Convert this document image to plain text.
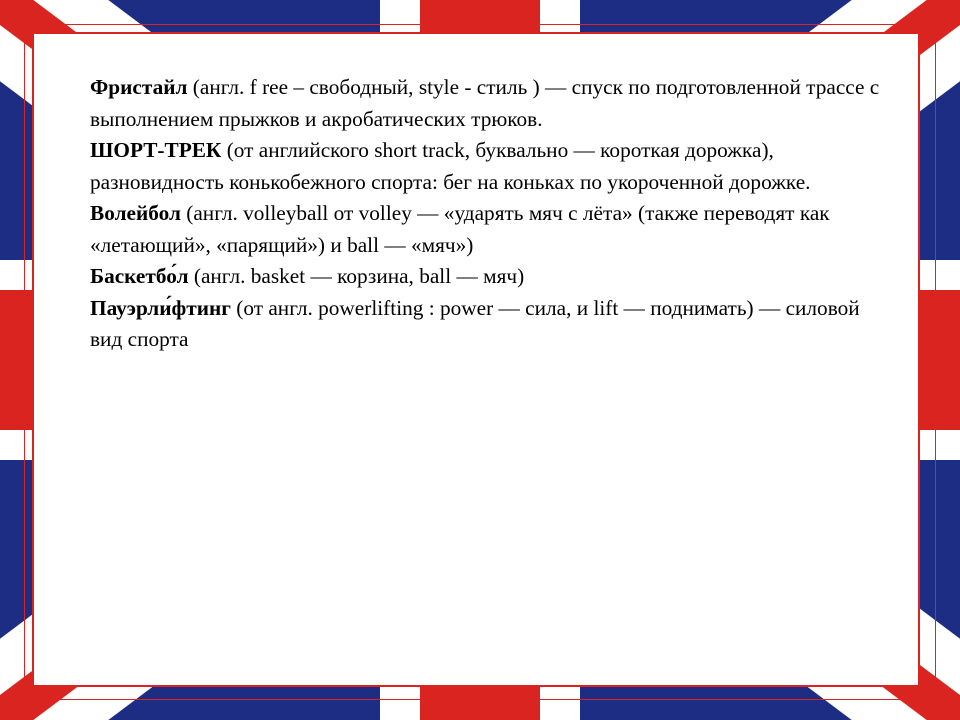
Фристайл (англ. f ree – свободный, style - стиль ) — спуск по подготовленной трассе с выполнением прыжков и акробатических трюков.

ШОРТ-ТРЕК (от английского short track, буквально — короткая дорожка), разновидность конькобежного спорта: бег на коньках по укороченной дорожке.

Волейбол (англ. volleyball от volley — «ударять мяч с лёта» (также переводят как «летающий», «парящий») и ball — «мяч»)

Баскетбо́л (англ. basket — корзина, ball — мяч)

Пауэрли́фтинг (от англ. powerlifting : power — сила, и lift — поднимать) — силовой вид спорта
